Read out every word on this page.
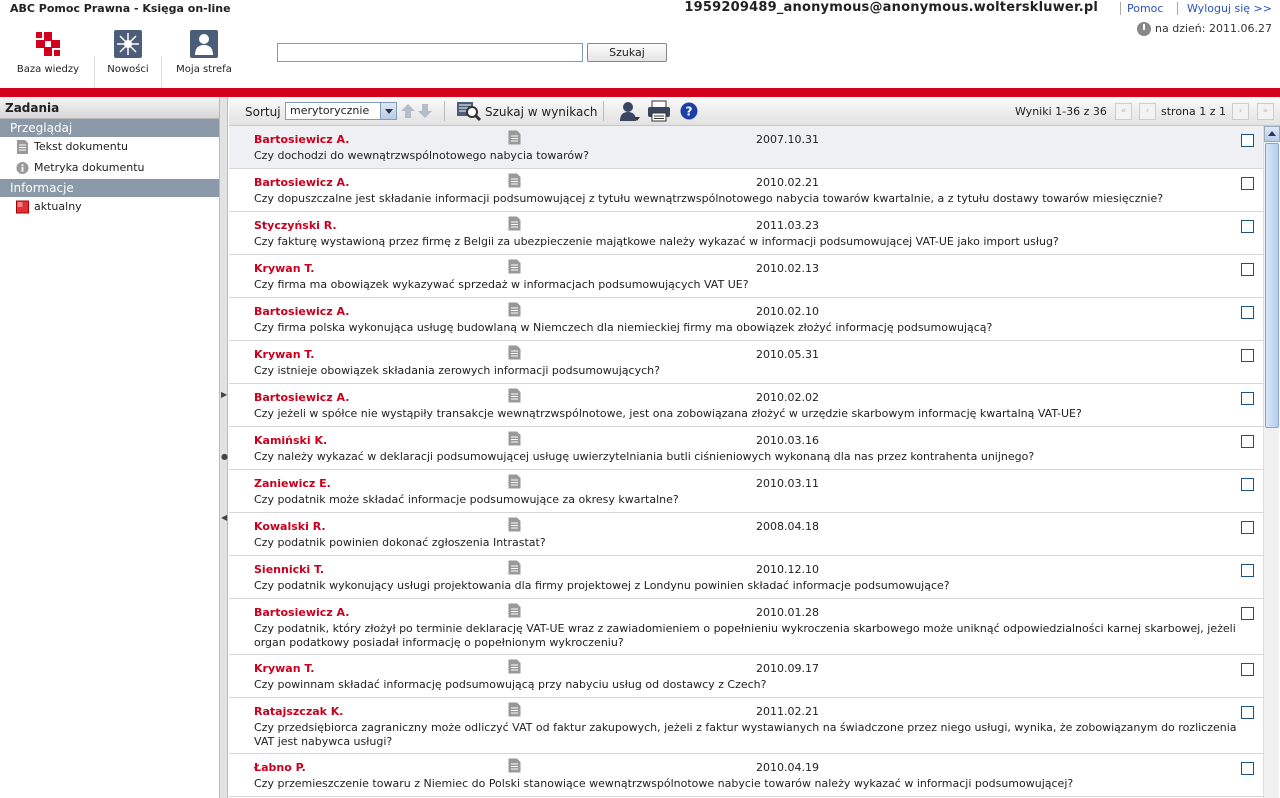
ABC Pomoc Prawna - Księga on-line	1959209489_anonymous@anonymous.wolterskluwer.pl	Pomoc Wyloguj się >>
na dzień: 2011.06.27
Baza wiedzy	Nowości	Moja strefa
Szukaj
Zadania
Przeglądaj
Tekst dokumentu
Metryka dokumentu
Informacje
aktualny
▶
●
◀
Sortuj merytorycznie	Szukaj w wynikach	?	Wyniki 1-36 z 36	«	‹	strona 1 z 1	›	»
Bartosiewicz A.	2007.10.31
Czy dochodzi do wewnątrzwspólnotowego nabycia towarów?
Bartosiewicz A.	2010.02.21
Czy dopuszczalne jest składanie informacji podsumowującej z tytułu wewnątrzwspólnotowego nabycia towarów kwartalnie, a z tytułu dostawy towarów miesięcznie?
Styczyński R.	2011.03.23
Czy fakturę wystawioną przez firmę z Belgii za ubezpieczenie majątkowe należy wykazać w informacji podsumowującej VAT-UE jako import usług?
Krywan T.	2010.02.13
Czy firma ma obowiązek wykazywać sprzedaż w informacjach podsumowujących VAT UE?
Bartosiewicz A.	2010.02.10
Czy firma polska wykonująca usługę budowlaną w Niemczech dla niemieckiej firmy ma obowiązek złożyć informację podsumowującą?
Krywan T.	2010.05.31
Czy istnieje obowiązek składania zerowych informacji podsumowujących?
Bartosiewicz A.	2010.02.02
Czy jeżeli w spółce nie wystąpiły transakcje wewnątrzwspólnotowe, jest ona zobowiązana złożyć w urzędzie skarbowym informację kwartalną VAT-UE?
Kamiński K.	2010.03.16
Czy należy wykazać w deklaracji podsumowującej usługę uwierzytelniania butli ciśnieniowych wykonaną dla nas przez kontrahenta unijnego?
Zaniewicz E.	2010.03.11
Czy podatnik może składać informacje podsumowujące za okresy kwartalne?
Kowalski R.	2008.04.18
Czy podatnik powinien dokonać zgłoszenia Intrastat?
Siennicki T.	2010.12.10
Czy podatnik wykonujący usługi projektowania dla firmy projektowej z Londynu powinien składać informacje podsumowujące?
Bartosiewicz A.	2010.01.28
Czy podatnik, który złożył po terminie deklarację VAT-UE wraz z zawiadomieniem o popełnieniu wykroczenia skarbowego może uniknąć odpowiedzialności karnej skarbowej, jeżeli organ podatkowy posiadał informację o popełnionym wykroczeniu?
Krywan T.	2010.09.17
Czy powinnam składać informację podsumowującą przy nabyciu usług od dostawcy z Czech?
Ratajszczak K.	2011.02.21
Czy przedsiębiorca zagraniczny może odliczyć VAT od faktur zakupowych, jeżeli z faktur wystawianych na świadczone przez niego usługi, wynika, że zobowiązanym do rozliczenia VAT jest nabywca usługi?
Łabno P.	2010.04.19
Czy przemieszczenie towaru z Niemiec do Polski stanowiące wewnątrzwspólnotowe nabycie towarów należy wykazać w informacji podsumowującej?
